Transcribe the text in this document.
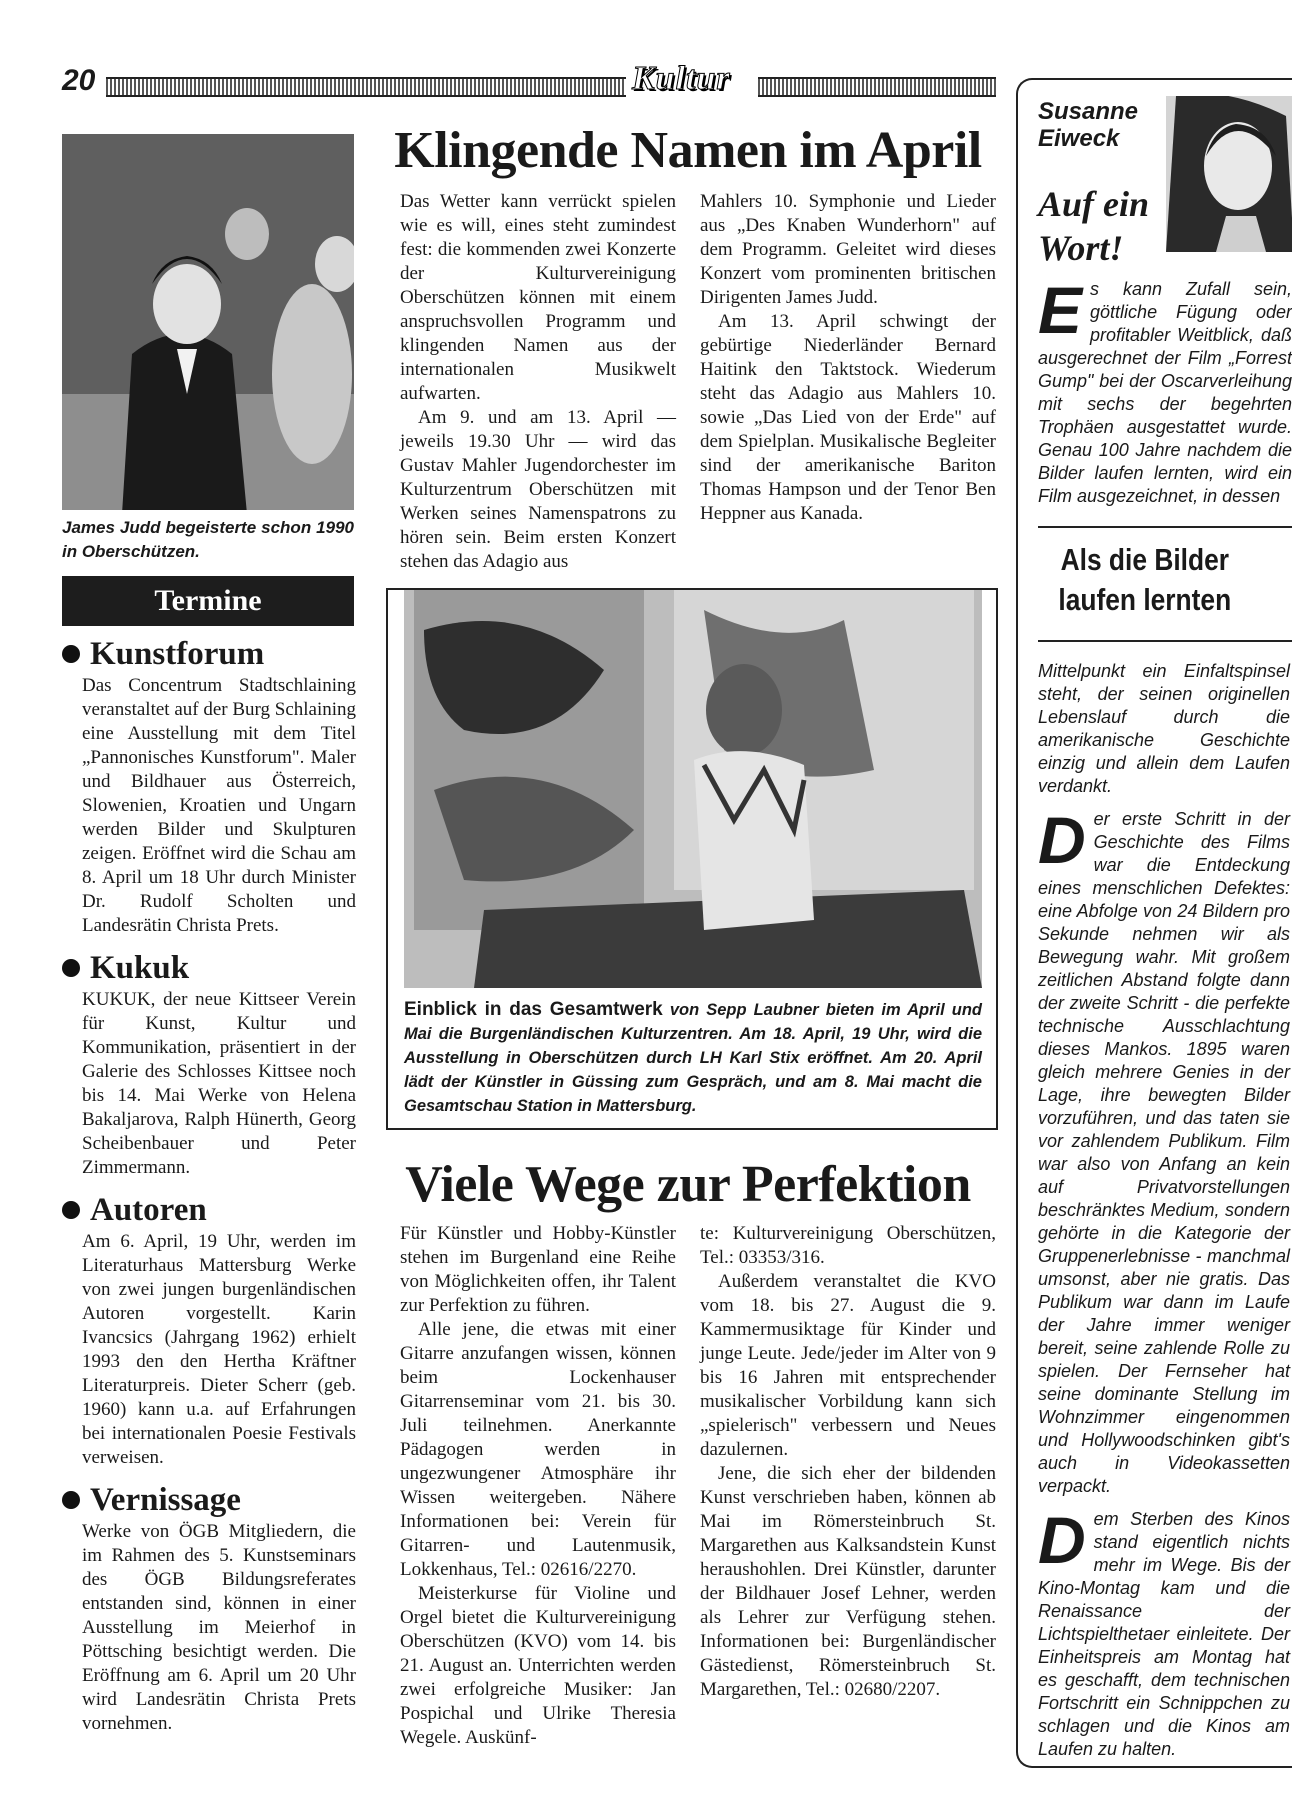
20	Kultur
James Judd begeisterte schon 1990 in Oberschützen.
Termine
Kunstforum

Das Concentrum Stadtschlaining veranstaltet auf der Burg Schlaining eine Ausstellung mit dem Titel „Pannonisches Kunstforum". Maler und Bildhauer aus Österreich, Slowenien, Kroatien und Ungarn werden Bilder und Skulpturen zeigen. Eröffnet wird die Schau am 8. April um 18 Uhr durch Minister Dr. Rudolf Scholten und Landesrätin Christa Prets.

Kukuk

KUKUK, der neue Kittseer Verein für Kunst, Kultur und Kommunikation, präsentiert in der Galerie des Schlosses Kittsee noch bis 14. Mai Werke von Helena Bakaljarova, Ralph Hünerth, Georg Scheibenbauer und Peter Zimmermann.

Autoren

Am 6. April, 19 Uhr, werden im Literaturhaus Mattersburg Werke von zwei jungen burgenländischen Autoren vorgestellt. Karin Ivancsics (Jahrgang 1962) erhielt 1993 den den Hertha Kräftner Literaturpreis. Dieter Scherr (geb. 1960) kann u.a. auf Erfahrungen bei internationalen Poesie Festivals verweisen.

Vernissage

Werke von ÖGB Mitgliedern, die im Rahmen des 5. Kunstseminars des ÖGB Bildungsreferates entstanden sind, können in einer Ausstellung im Meierhof in Pöttsching besichtigt werden. Die Eröffnung am 6. April um 20 Uhr wird Landesrätin Christa Prets vornehmen.

Klingende Namen im April

Das Wetter kann verrückt spielen wie es will, eines steht zumindest fest: die kommenden zwei Konzerte der Kulturvereinigung Oberschützen können mit einem anspruchsvollen Programm und klingenden Namen aus der internationalen Musikwelt aufwarten.

Am 9. und am 13. April — jeweils 19.30 Uhr — wird das Gustav Mahler Jugendorchester im Kulturzentrum Oberschützen mit Werken seines Namenspatrons zu hören sein. Beim ersten Konzert stehen das Adagio aus

Mahlers 10. Symphonie und Lieder aus „Des Knaben Wunderhorn" auf dem Programm. Geleitet wird dieses Konzert vom prominenten britischen Dirigenten James Judd.

Am 13. April schwingt der gebürtige Niederländer Bernard Haitink den Taktstock. Wiederum steht das Adagio aus Mahlers 10. sowie „Das Lied von der Erde" auf dem Spielplan. Musikalische Begleiter sind der amerikanische Bariton Thomas Hampson und der Tenor Ben Heppner aus Kanada.

Einblick in das Gesamtwerk von Sepp Laubner bieten im April und Mai die Burgenländischen Kulturzentren. Am 18. April, 19 Uhr, wird die Ausstellung in Oberschützen durch LH Karl Stix eröffnet. Am 20. April lädt der Künstler in Güssing zum Gespräch, und am 8. Mai macht die Gesamtschau Station in Mattersburg.
Viele Wege zur Perfektion

Für Künstler und Hobby-Künstler stehen im Burgenland eine Reihe von Möglichkeiten offen, ihr Talent zur Perfektion zu führen.

Alle jene, die etwas mit einer Gitarre anzufangen wissen, können beim Lockenhauser Gitarrenseminar vom 21. bis 30. Juli teilnehmen. Anerkannte Pädagogen werden in ungezwungener Atmosphäre ihr Wissen weitergeben. Nähere Informationen bei: Verein für Gitarren- und Lautenmusik, Lokkenhaus, Tel.: 02616/2270.

Meisterkurse für Violine und Orgel bietet die Kulturvereinigung Oberschützen (KVO) vom 14. bis 21. August an. Unterrichten werden zwei erfolgreiche Musiker: Jan Pospichal und Ulrike Theresia Wegele. Auskünf-

te: Kulturvereinigung Oberschützen, Tel.: 03353/316.

Außerdem veranstaltet die KVO vom 18. bis 27. August die 9. Kammermusiktage für Kinder und junge Leute. Jede/jeder im Alter von 9 bis 16 Jahren mit entsprechender musikalischer Vorbildung kann sich „spielerisch" verbessern und Neues dazulernen.

Jene, die sich eher der bildenden Kunst verschrieben haben, können ab Mai im Römersteinbruch St. Margarethen aus Kalksandstein Kunst heraushohlen. Drei Künstler, darunter der Bildhauer Josef Lehner, werden als Lehrer zur Verfügung stehen. Informationen bei: Burgenländischer Gästedienst, Römersteinbruch St. Margarethen, Tel.: 02680/2207.

Susanne
Eiweck
Auf ein
Wort!
Es kann Zufall sein, göttliche Fügung oder profitabler Weitblick, daß ausgerechnet der Film „Forrest Gump" bei der Oscarverleihung mit sechs der begehrten Trophäen ausgestattet wurde. Genau 100 Jahre nachdem die Bilder laufen lernten, wird ein Film ausgezeichnet, in dessen
Als die Bilder
laufen lernten

Mittelpunkt ein Einfaltspinsel steht, der seinen originellen Lebenslauf durch die amerikanische Geschichte einzig und allein dem Laufen verdankt.

Der erste Schritt in der Geschichte des Films war die Entdeckung eines menschlichen Defektes: eine Abfolge von 24 Bildern pro Sekunde nehmen wir als Bewegung wahr. Mit großem zeitlichen Abstand folgte dann der zweite Schritt - die perfekte technische Ausschlachtung dieses Mankos. 1895 waren gleich mehrere Genies in der Lage, ihre bewegten Bilder vorzuführen, und das taten sie vor zahlendem Publikum. Film war also von Anfang an kein auf Privatvorstellungen beschränktes Medium, sondern gehörte in die Kategorie der Gruppenerlebnisse - manchmal umsonst, aber nie gratis. Das Publikum war dann im Laufe der Jahre immer weniger bereit, seine zahlende Rolle zu spielen. Der Fernseher hat seine dominante Stellung im Wohnzimmer eingenommen und Hollywoodschinken gibt's auch in Videokassetten verpackt.

Dem Sterben des Kinos stand eigentlich nichts mehr im Wege. Bis der Kino-Montag kam und die Renaissance der Lichtspielthetaer einleitete. Der Einheitspreis am Montag hat es geschafft, dem technischen Fortschritt ein Schnippchen zu schlagen und die Kinos am Laufen zu halten.
